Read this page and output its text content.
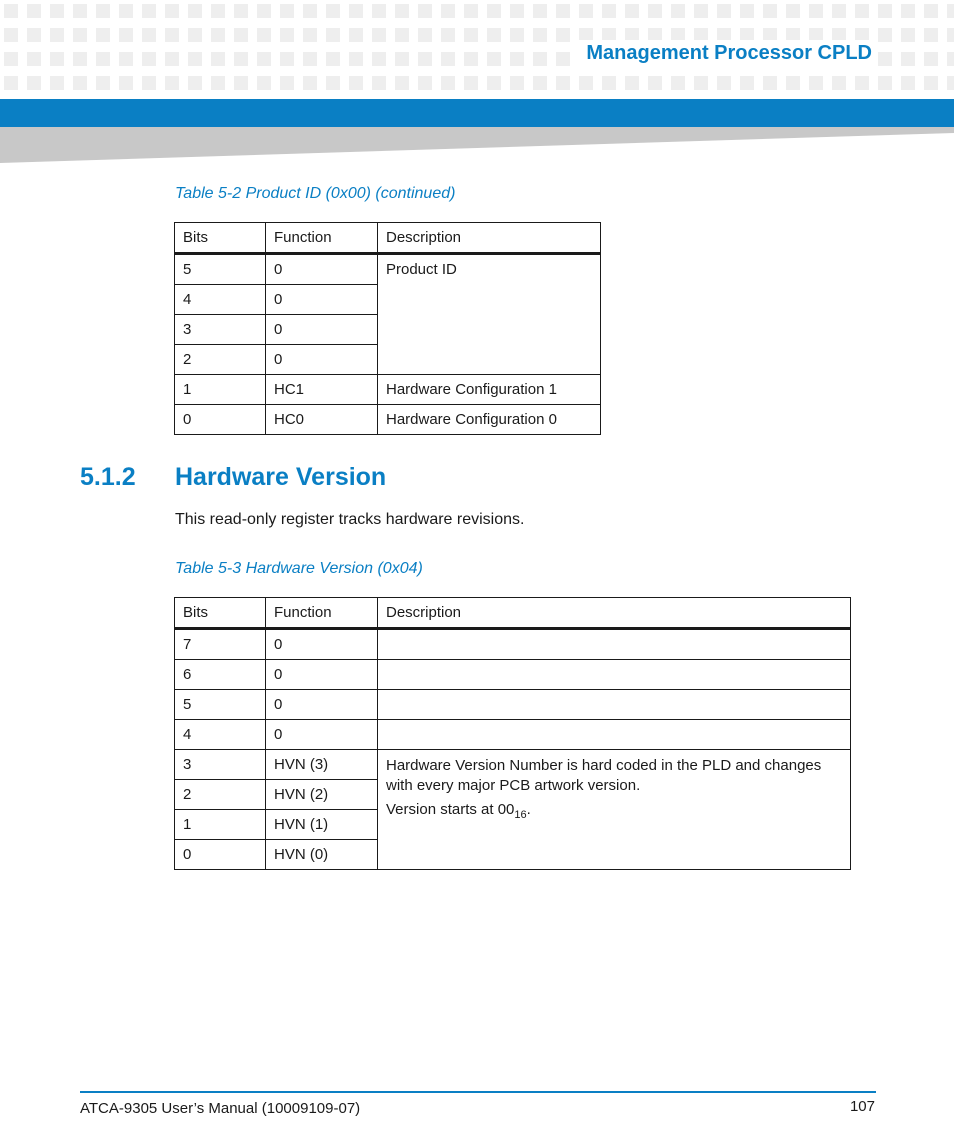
Management Processor CPLD
Table 5-2 Product ID (0x00) (continued)
Bits	Function	Description
5	0	Product ID
4	0	
3	0	
2	0	
1	HC1	Hardware Configuration 1
0	HC0	Hardware Configuration 0
5.1.2 Hardware Version
This read-only register tracks hardware revisions.
Table 5-3 Hardware Version (0x04)
Bits	Function	Description
7	0	
6	0	
5	0	
4	0	
3	HVN (3)	Hardware Version Number is hard coded in the PLD and changes with every major PCB artwork version.

Version starts at $00_{16}$.

2	HVN (2)	
1	HVN (1)	
0	HVN (0)	
ATCA-9305 User’s Manual (10009109-07)	107
